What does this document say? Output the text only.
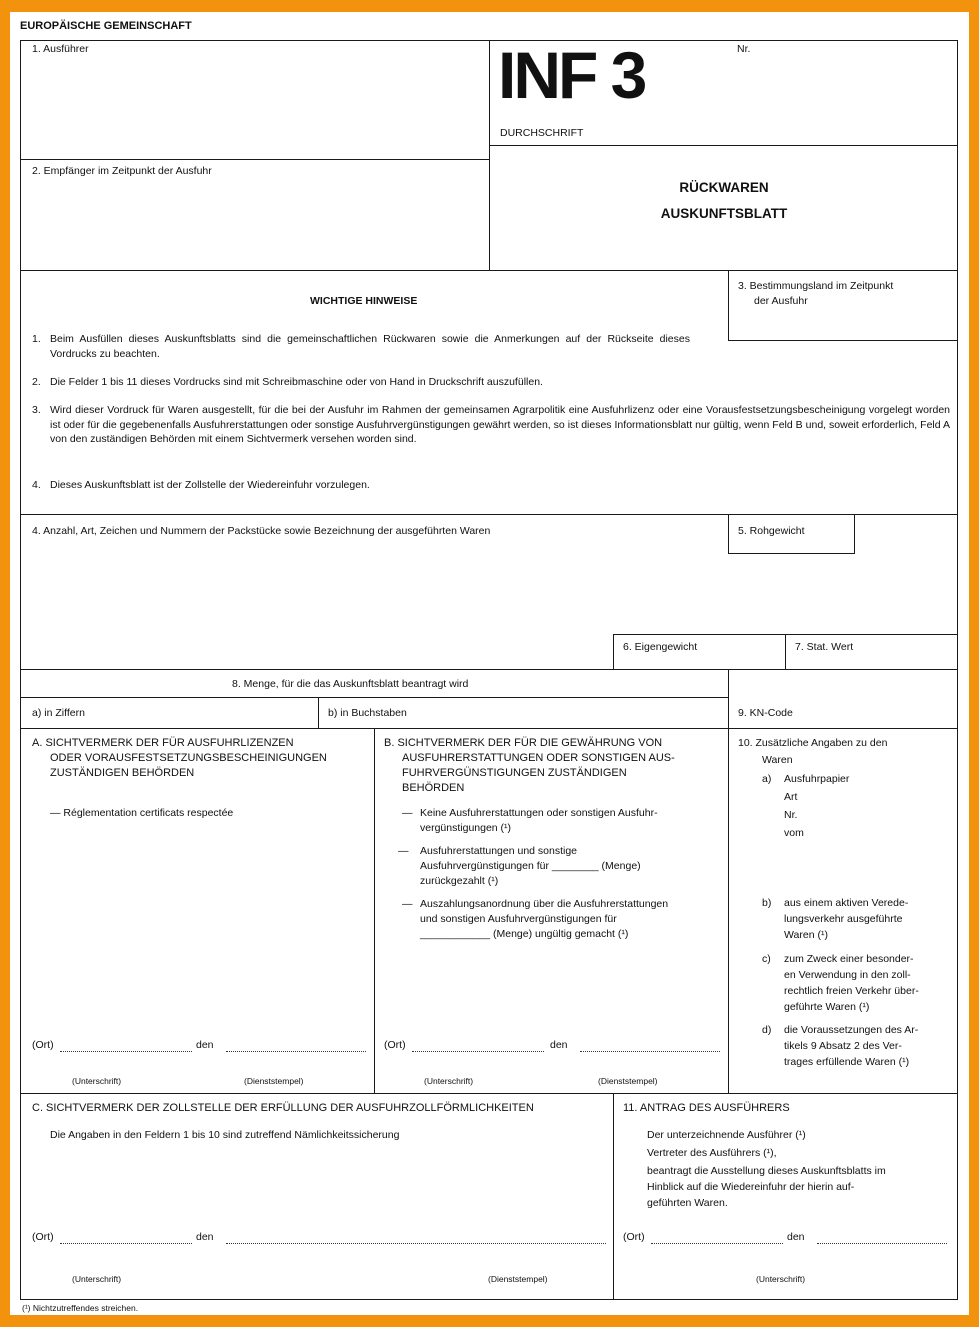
EUROPÄISCHE GEMEINSCHAFT
1. Ausführer
2. Empfänger im Zeitpunkt der Ausfuhr
INF 3	Nr.
DURCHSCHRIFT
RÜCKWAREN
AUSKUNFTSBLATT
3. Bestimmungsland im Zeitpunkt
der Ausfuhr
WICHTIGE HINWEISE
1. Beim Ausfüllen dieses Auskunftsblatts sind die gemeinschaftlichen Rückwaren sowie die Anmerkungen auf der Rückseite dieses Vordrucks zu beachten.
2. Die Felder 1 bis 11 dieses Vordrucks sind mit Schreibmaschine oder von Hand in Druckschrift auszufüllen.
3. Wird dieser Vordruck für Waren ausgestellt, für die bei der Ausfuhr im Rahmen der gemeinsamen Agrarpolitik eine Ausfuhrlizenz oder eine Vorausfestsetzungsbescheinigung vorgelegt worden ist oder für die gegebenenfalls Ausfuhrerstattungen oder sonstige Ausfuhrvergünstigungen gewährt werden, so ist dieses Informationsblatt nur gültig, wenn Feld B und, soweit erforderlich, Feld A von den zuständigen Behörden mit einem Sichtvermerk versehen worden sind.
4. Dieses Auskunftsblatt ist der Zollstelle der Wiedereinfuhr vorzulegen.
4. Anzahl, Art, Zeichen und Nummern der Packstücke sowie Bezeichnung der ausgeführten Waren	5. Rohgewicht
6. Eigengewicht	7. Stat. Wert
8. Menge, für die das Auskunftsblatt beantragt wird
a) in Ziffern	b) in Buchstaben	9. KN-Code
A. SICHTVERMERK DER FÜR AUSFUHRLIZENZEN
ODER VORAUSFESTSETZUNGSBESCHEINIGUNGEN
ZUSTÄNDIGEN BEHÖRDEN
— Réglementation certificats respectée
(Ort)	den
(Unterschrift)	(Dienststempel)
B. SICHTVERMERK DER FÜR DIE GEWÄHRUNG VON
AUSFUHRERSTATTUNGEN ODER SONSTIGEN AUS-
FUHRVERGÜNSTIGUNGEN ZUSTÄNDIGEN
BEHÖRDEN
— Keine Ausfuhrerstattungen oder sonstigen Ausfuhr-
vergünstigungen (¹)
— Ausfuhrerstattungen und sonstige
Ausfuhrvergünstigungen für ________ (Menge)
zurückgezahlt (¹)
— Auszahlungsanordnung über die Ausfuhrerstattungen
und sonstigen Ausfuhrvergünstigungen für
____________ (Menge) ungültig gemacht (¹)
(Ort)	den
(Unterschrift)	(Dienststempel)
10. Zusätzliche Angaben zu den
Waren
a) Ausfuhrpapier
Art
Nr.
vom
b) aus einem aktiven Verede-
lungsverkehr ausgeführte
Waren (¹)
c) zum Zweck einer besonder-
en Verwendung in den zoll-
rechtlich freien Verkehr über-
geführte Waren (¹)
d) die Voraussetzungen des Ar-
tikels 9 Absatz 2 des Ver-
trages erfüllende Waren (¹)
C. SICHTVERMERK DER ZOLLSTELLE DER ERFÜLLUNG DER AUSFUHRZOLLFÖRMLICHKEITEN
Die Angaben in den Feldern 1 bis 10 sind zutreffend Nämlichkeitssicherung
(Ort)	den
(Unterschrift)	(Dienststempel)
11. ANTRAG DES AUSFÜHRERS
Der unterzeichnende Ausführer (¹)
Vertreter des Ausführers (¹),
beantragt die Ausstellung dieses Auskunftsblatts im
Hinblick auf die Wiedereinfuhr der hierin auf-
geführten Waren.
(Ort)	den
(Unterschrift)
(¹) Nichtzutreffendes streichen.
